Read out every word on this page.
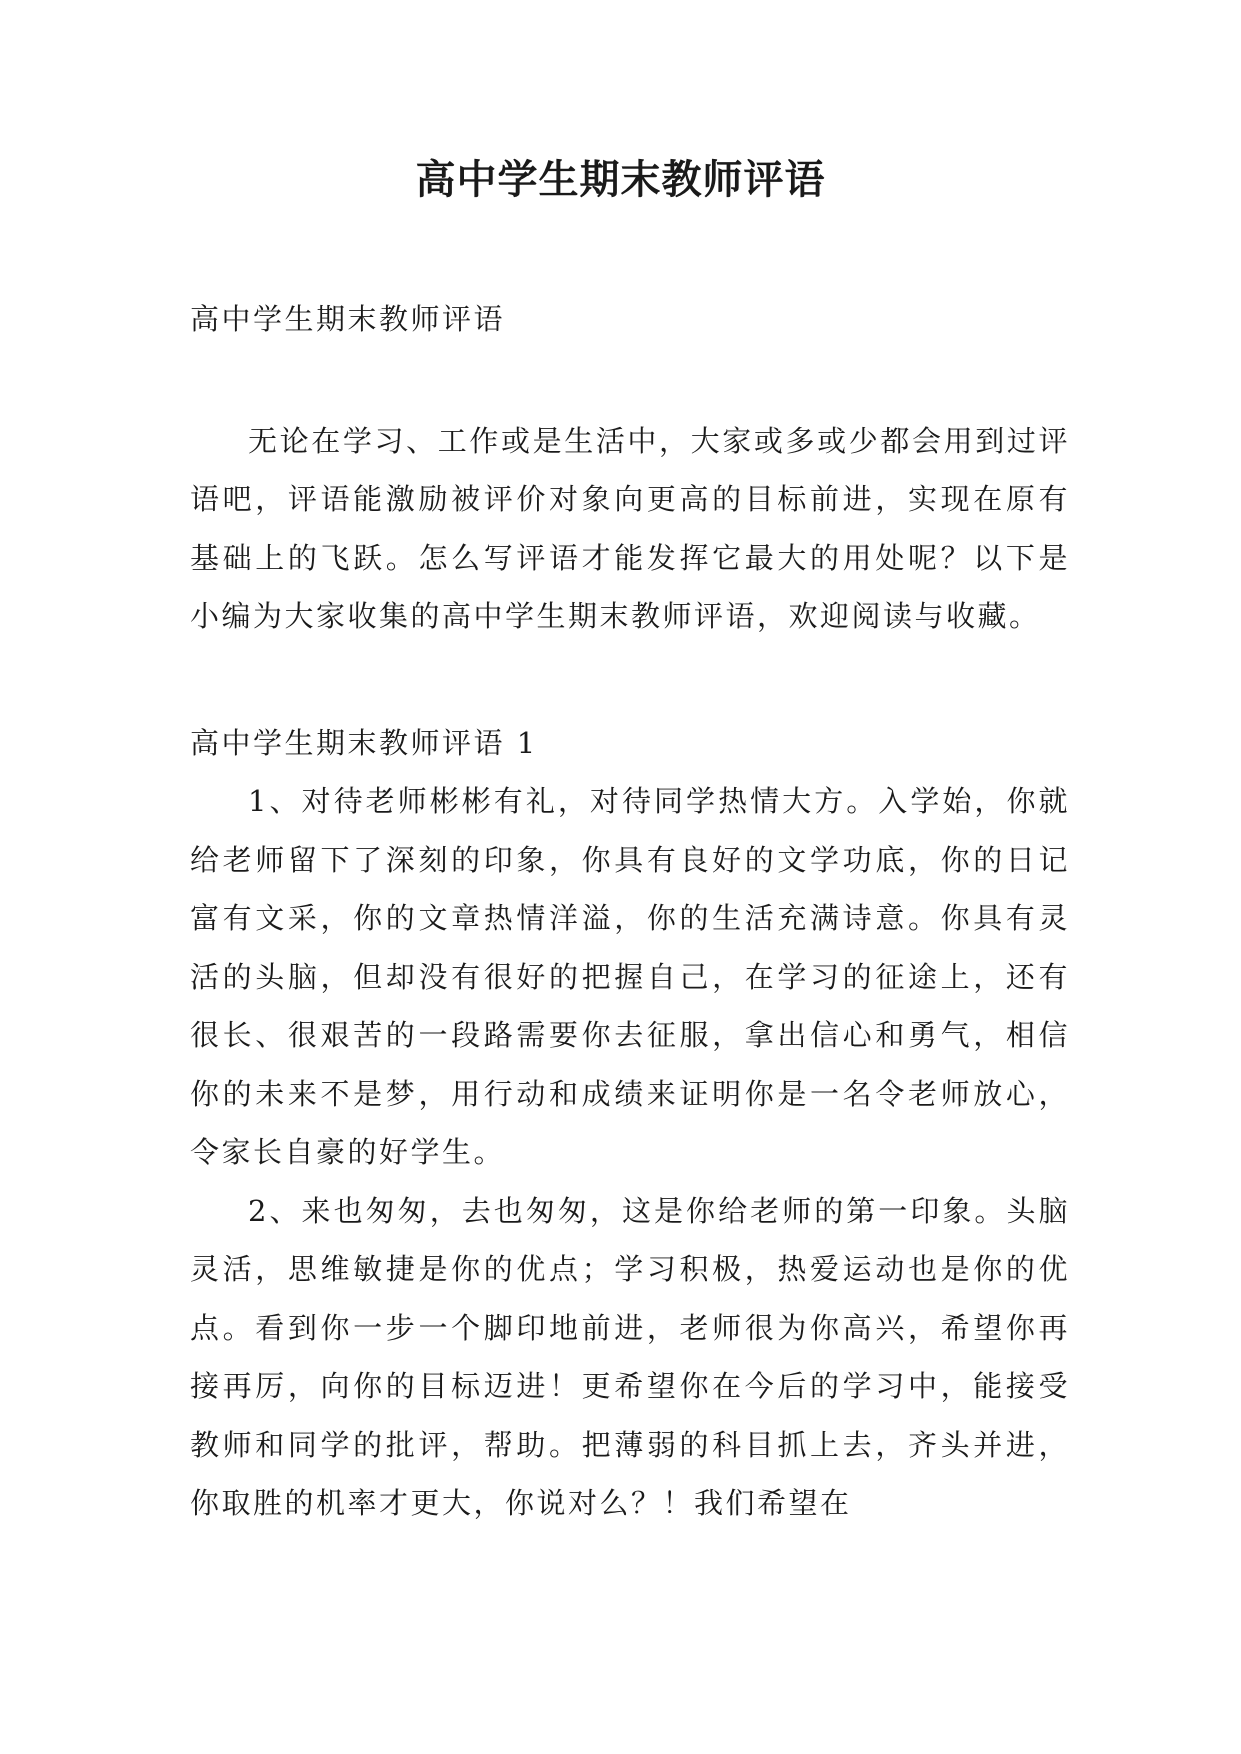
高中学生期末教师评语

高中学生期末教师评语

无论在学习、工作或是生活中，大家或多或少都会用到过评语吧，评语能激励被评价对象向更高的目标前进，实现在原有基础上的飞跃。怎么写评语才能发挥它最大的用处呢？以下是小编为大家收集的高中学生期末教师评语，欢迎阅读与收藏。

高中学生期末教师评语 1

1、对待老师彬彬有礼，对待同学热情大方。入学始，你就给老师留下了深刻的印象，你具有良好的文学功底，你的日记富有文采，你的文章热情洋溢，你的生活充满诗意。你具有灵活的头脑，但却没有很好的把握自己，在学习的征途上，还有很长、很艰苦的一段路需要你去征服，拿出信心和勇气，相信你的未来不是梦，用行动和成绩来证明你是一名令老师放心，令家长自豪的好学生。

2、来也匆匆，去也匆匆，这是你给老师的第一印象。头脑灵活，思维敏捷是你的优点；学习积极，热爱运动也是你的优点。看到你一步一个脚印地前进，老师很为你高兴，希望你再接再厉，向你的目标迈进！更希望你在今后的学习中，能接受教师和同学的批评，帮助。把薄弱的科目抓上去，齐头并进，你取胜的机率才更大，你说对么？！我们希望在
